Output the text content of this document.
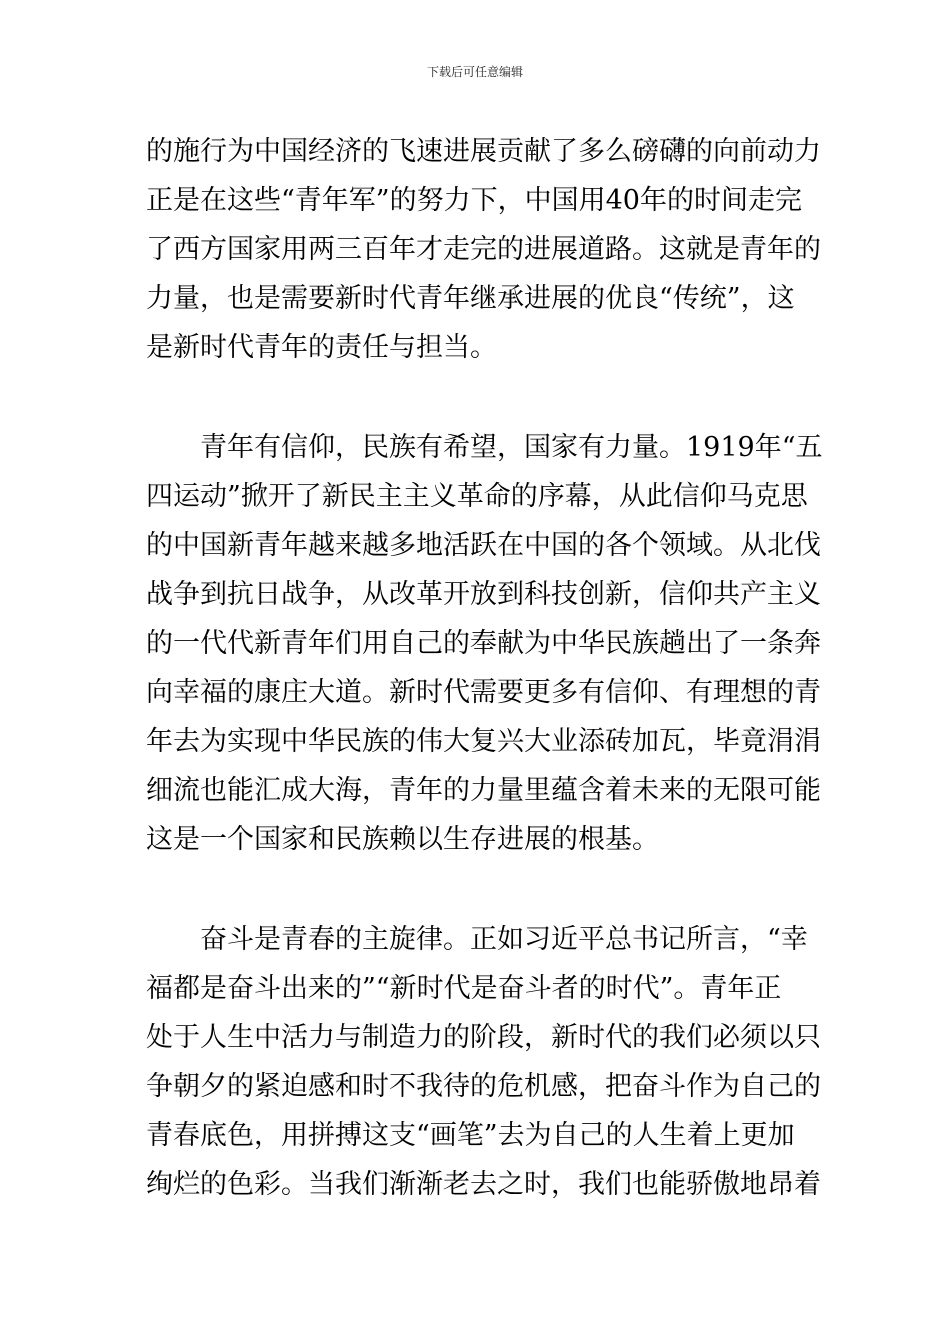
下载后可任意编辑
的施行为中国经济的飞速进展贡献了多么磅礴的向前动力
正是在这些“青年军”的努力下，中国用40年的时间走完
了西方国家用两三百年才走完的进展道路。这就是青年的
力量，也是需要新时代青年继承进展的优良“传统”，这
是新时代青年的责任与担当。
青年有信仰，民族有希望，国家有力量。1919年“五
四运动”掀开了新民主主义革命的序幕，从此信仰马克思
的中国新青年越来越多地活跃在中国的各个领域。从北伐
战争到抗日战争，从改革开放到科技创新，信仰共产主义
的一代代新青年们用自己的奉献为中华民族趟出了一条奔
向幸福的康庄大道。新时代需要更多有信仰、有理想的青
年去为实现中华民族的伟大复兴大业添砖加瓦，毕竟涓涓
细流也能汇成大海，青年的力量里蕴含着未来的无限可能
这是一个国家和民族赖以生存进展的根基。
奋斗是青春的主旋律。正如习近平总书记所言，“幸
福都是奋斗出来的”“新时代是奋斗者的时代”。青年正
处于人生中活力与制造力的阶段，新时代的我们必须以只
争朝夕的紧迫感和时不我待的危机感，把奋斗作为自己的
青春底色，用拼搏这支“画笔”去为自己的人生着上更加
绚烂的色彩。当我们渐渐老去之时，我们也能骄傲地昂着
